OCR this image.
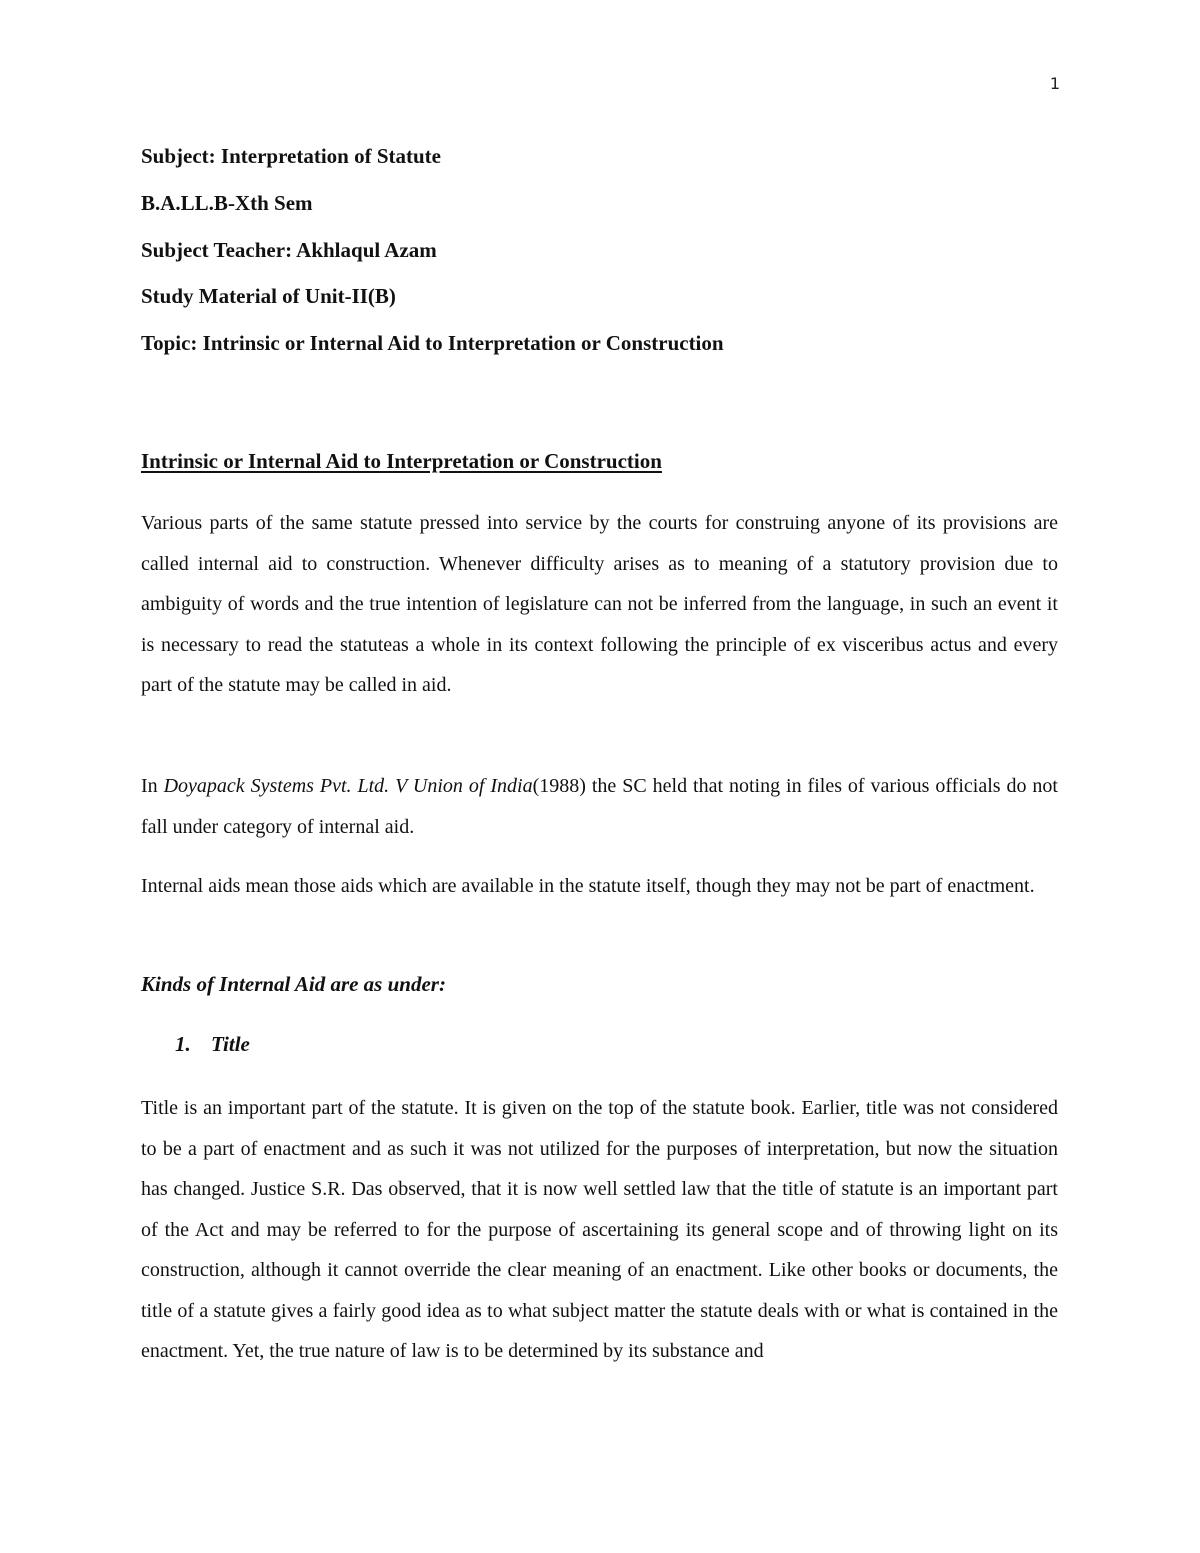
1
Subject: Interpretation of Statute
B.A.LL.B-Xth Sem
Subject Teacher: Akhlaqul Azam
Study Material of Unit-II(B)
Topic: Intrinsic or Internal Aid to Interpretation or Construction
Intrinsic or Internal Aid to Interpretation or Construction

Various parts of the same statute pressed into service by the courts for construing anyone of its provisions are called internal aid to construction. Whenever difficulty arises as to meaning of a statutory provision due to ambiguity of words and the true intention of legislature can not be inferred from the language, in such an event it is necessary to read the statuteas a whole in its context following the principle of ex visceribus actus and every part of the statute may be called in aid.

In Doyapack Systems Pvt. Ltd. V Union of India(1988) the SC held that noting in files of various officials do not fall under category of internal aid.

Internal aids mean those aids which are available in the statute itself, though they may not be part of enactment.

Kinds of Internal Aid are as under:
1. Title

Title is an important part of the statute. It is given on the top of the statute book. Earlier, title was not considered to be a part of enactment and as such it was not utilized for the purposes of interpretation, but now the situation has changed. Justice S.R. Das observed, that it is now well settled law that the title of statute is an important part of the Act and may be referred to for the purpose of ascertaining its general scope and of throwing light on its construction, although it cannot override the clear meaning of an enactment. Like other books or documents, the title of a statute gives a fairly good idea as to what subject matter the statute deals with or what is contained in the enactment. Yet, the true nature of law is to be determined by its substance and
